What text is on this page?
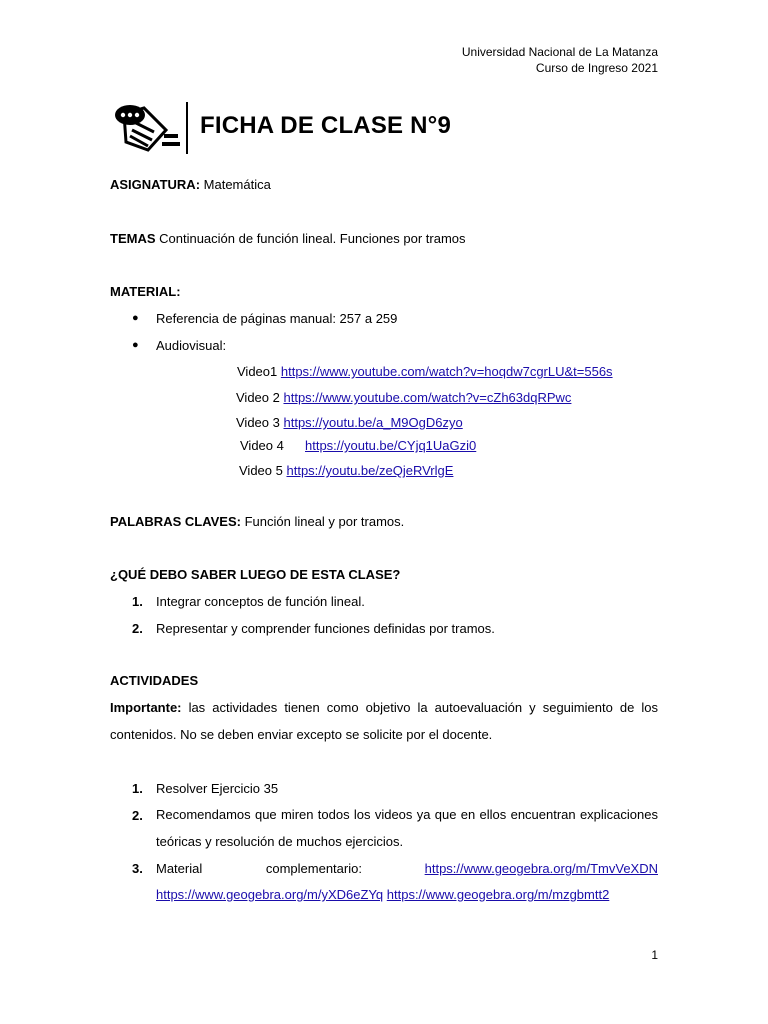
Universidad Nacional de La Matanza
Curso de Ingreso 2021
FICHA DE CLASE N°9
ASIGNATURA: Matemática
TEMAS Continuación de función lineal. Funciones por tramos
MATERIAL:
● Referencia de páginas manual: 257 a 259
● Audiovisual:
Video1 https://www.youtube.com/watch?v=hoqdw7cgrLU&t=556s
Video 2 https://www.youtube.com/watch?v=cZh63dqRPwc
Video 3 https://youtu.be/a_M9OgD6zyo
Video 4 https://youtu.be/CYjq1UaGzi0
Video 5 https://youtu.be/zeQjeRVrlgE
PALABRAS CLAVES: Función lineal y por tramos.
¿QUÉ DEBO SABER LUEGO DE ESTA CLASE?
1. Integrar conceptos de función lineal.
2. Representar y comprender funciones definidas por tramos.
ACTIVIDADES
Importante: las actividades tienen como objetivo la autoevaluación y seguimiento de los contenidos. No se deben enviar excepto se solicite por el docente.
1. Resolver Ejercicio 35
2. Recomendamos que miren todos los videos ya que en ellos encuentran explicaciones teóricas y resolución de muchos ejercicios.
3. Material complementario:	https://www.geogebra.org/m/TmvVeXDN
https://www.geogebra.org/m/yXD6eZYq https://www.geogebra.org/m/mzgbmtt2
1
